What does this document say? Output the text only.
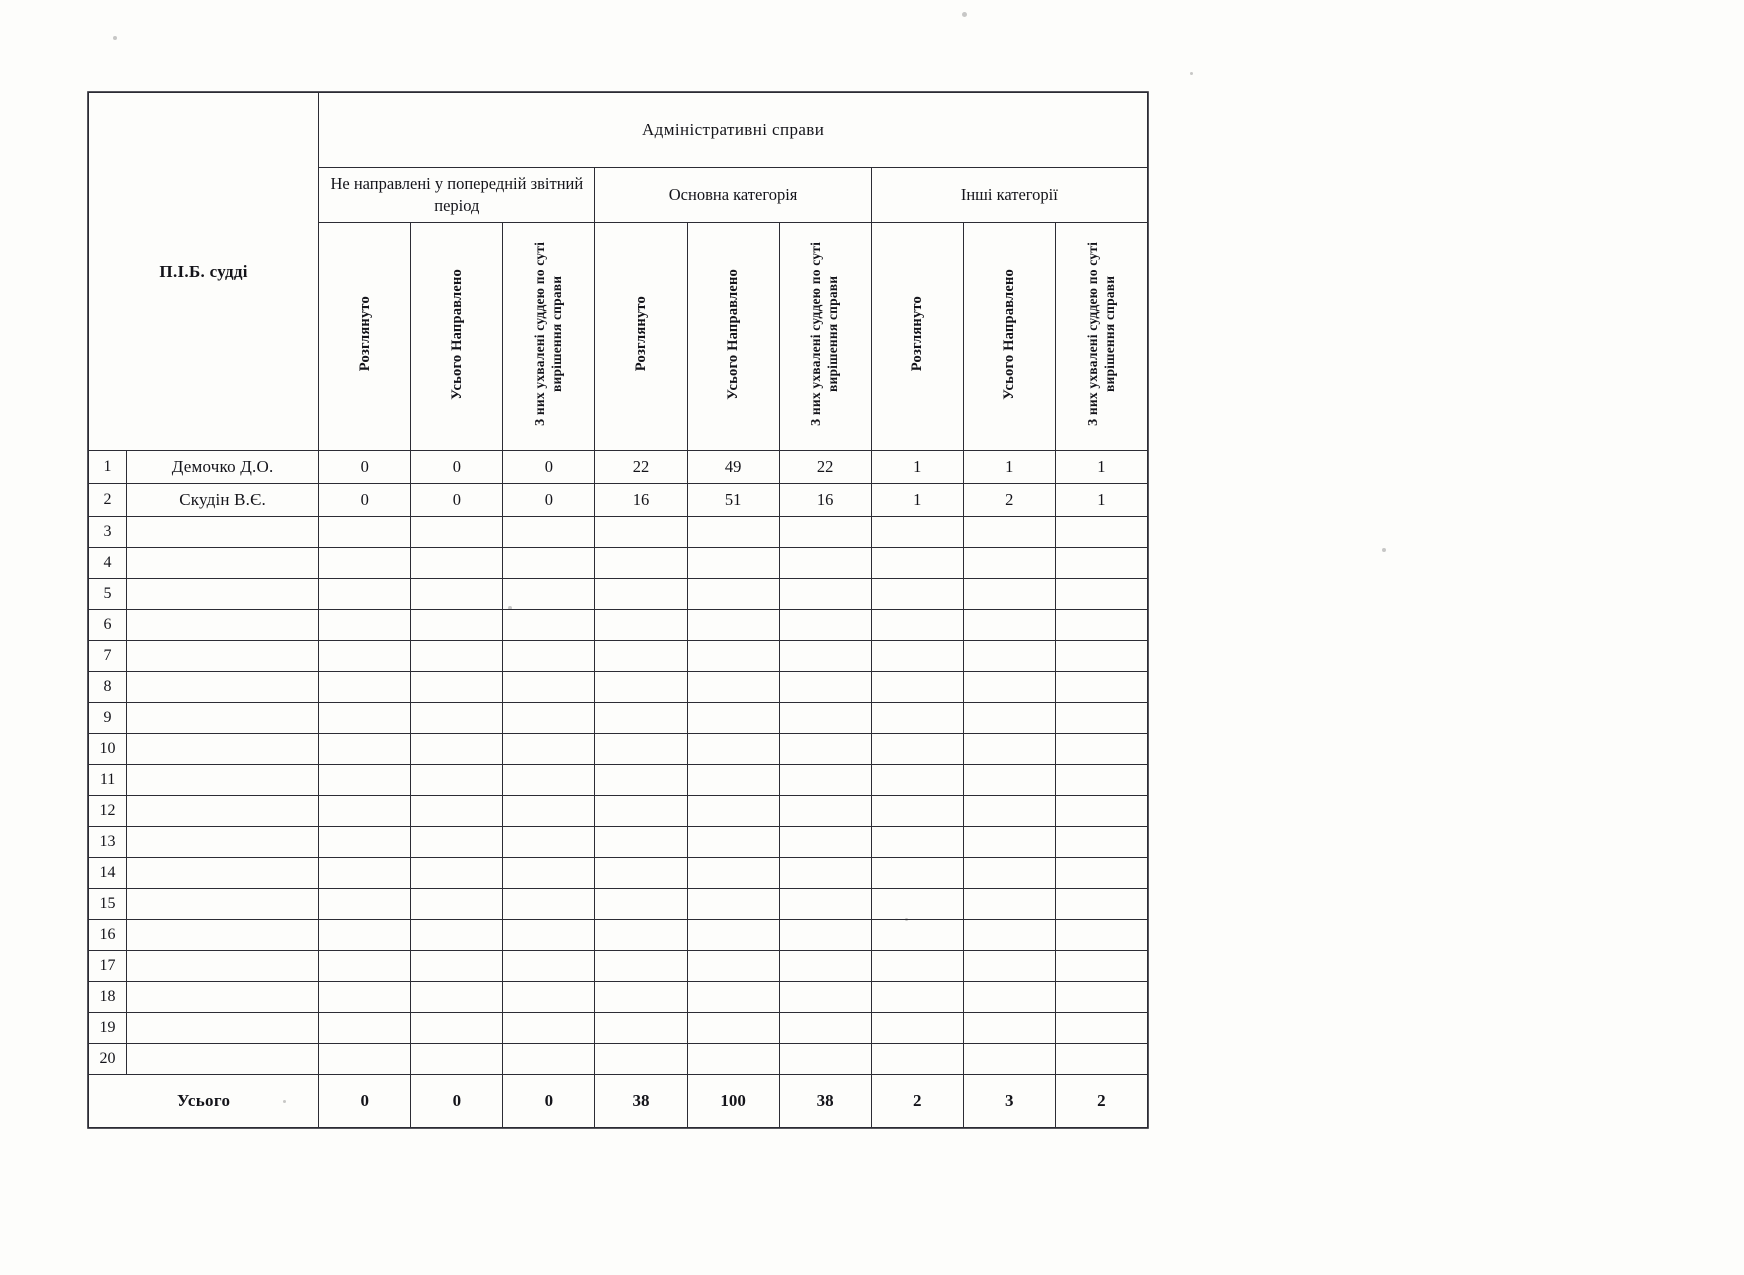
П.І.Б. судді		Адміністративні справи								
		Не направлені у попередній звітний період			Основна категорія			Інші категорії		
		Розглянуто	Усього Направлено	З них ухвалені суддею по суті вирішення справи	Розглянуто	Усього Направлено	З них ухвалені суддею по суті вирішення справи	Розглянуто	Усього Направлено	З них ухвалені суддею по суті вирішення справи
1	Демочко Д.О.	0	0	0	22	49	22	1	1	1
2	Скудін В.Є.	0	0	0	16	51	16	1	2	1
3										
4										
5										
6										
7										
8										
9										
10										
11										
12										
13										
14										
15										
16										
17										
18										
19										
20										
Усього		0	0	0	38	100	38	2	3	2
